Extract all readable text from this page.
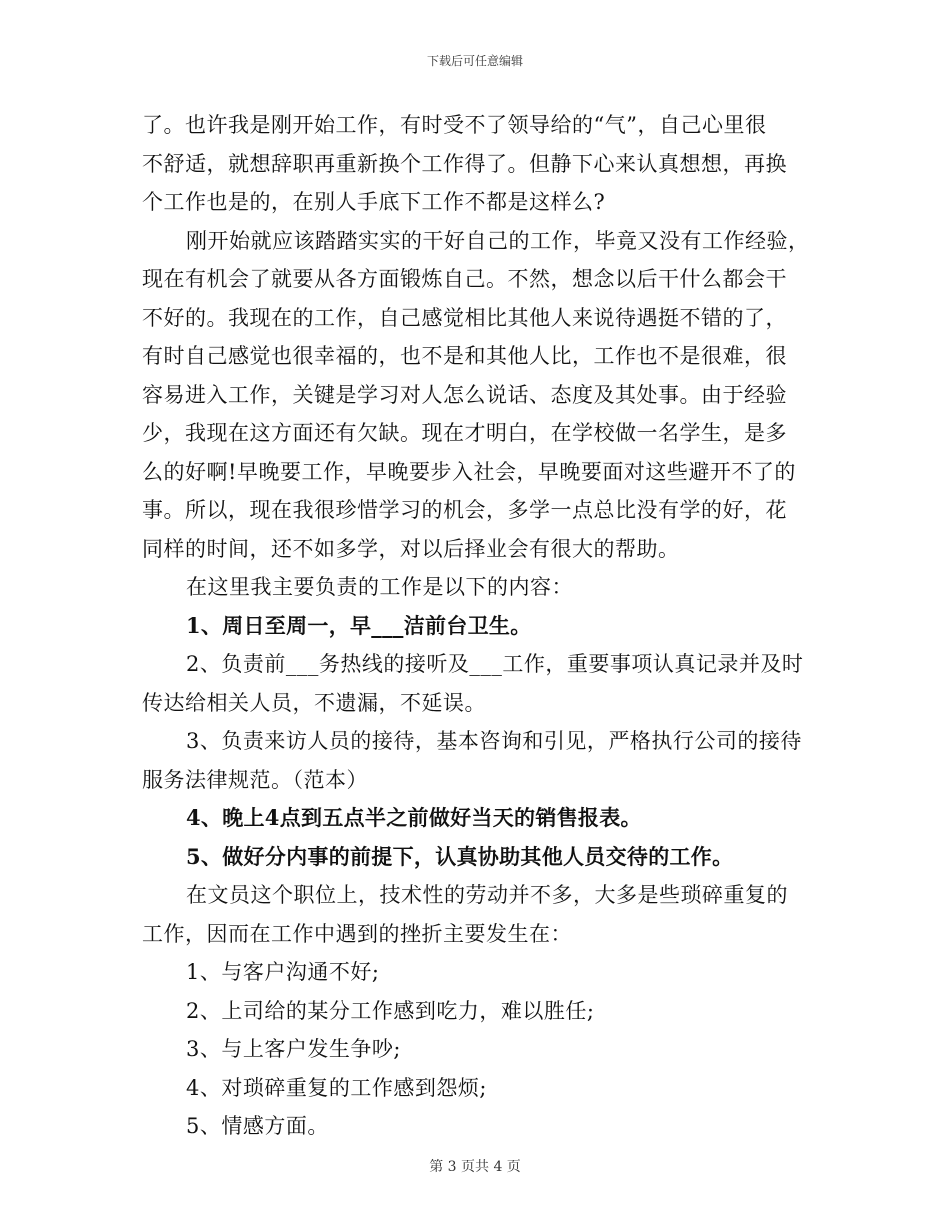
下载后可任意编辑

了。也许我是刚开始工作，有时受不了领导给的“气”，自己心里很
不舒适，就想辞职再重新换个工作得了。但静下心来认真想想，再换
个工作也是的，在别人手底下工作不都是这样么?

刚开始就应该踏踏实实的干好自己的工作，毕竟又没有工作经验，
现在有机会了就要从各方面锻炼自己。不然，想念以后干什么都会干
不好的。我现在的工作，自己感觉相比其他人来说待遇挺不错的了，
有时自己感觉也很幸福的，也不是和其他人比，工作也不是很难，很
容易进入工作，关键是学习对人怎么说话、态度及其处事。由于经验
少，我现在这方面还有欠缺。现在才明白，在学校做一名学生，是多
么的好啊!早晚要工作，早晚要步入社会，早晚要面对这些避开不了的
事。所以，现在我很珍惜学习的机会，多学一点总比没有学的好，花
同样的时间，还不如多学，对以后择业会有很大的帮助。

在这里我主要负责的工作是以下的内容：

1、周日至周一，早___洁前台卫生。

2、负责前___务热线的接听及___工作，重要事项认真记录并及时
传达给相关人员，不遗漏，不延误。

3、负责来访人员的接待，基本咨询和引见，严格执行公司的接待
服务法律规范。（范本）

4、晚上4点到五点半之前做好当天的销售报表。

5、做好分内事的前提下，认真协助其他人员交待的工作。

在文员这个职位上，技术性的劳动并不多，大多是些琐碎重复的
工作，因而在工作中遇到的挫折主要发生在：

1、与客户沟通不好;

2、上司给的某分工作感到吃力，难以胜任;

3、与上客户发生争吵;

4、对琐碎重复的工作感到怨烦;

5、情感方面。

第 3 页共 4 页
